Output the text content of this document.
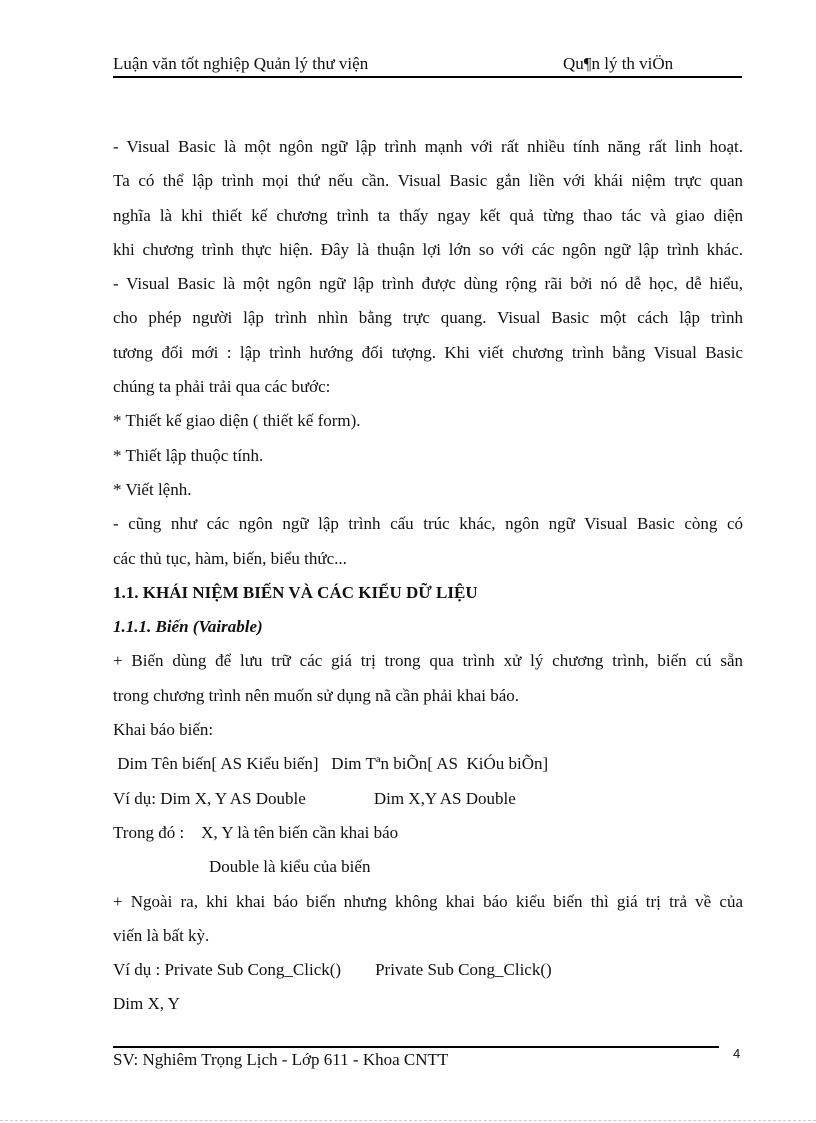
Luận văn tốt nghiệp Quản lý thư viện	Qu¶n lý th viÖn

- Visual Basic là một ngôn ngữ lập trình mạnh với rất nhiều tính năng rất linh hoạt.

Ta có thể lập trình mọi thứ nếu cần. Visual Basic gắn liền với khái niệm trực quan

nghĩa là khi thiết kế chương trình ta thấy ngay kết quả từng thao tác và giao diện

khi chương trình thực hiện. Đây là thuận lợi lớn so với các ngôn ngữ lập trình khác.

- Visual Basic là một ngôn ngữ lập trình được dùng rộng rãi bởi nó dễ học, dễ hiểu,

cho phép người lập trình nhìn bằng trực quang. Visual Basic một cách lập trình

tương đối mới : lập trình hướng đối tượng. Khi viết chương trình bằng Visual Basic

chúng ta phải trải qua các bước:

* Thiết kế giao diện ( thiết kế form).

* Thiết lập thuộc tính.

* Viết lệnh.

- cũng như các ngôn ngữ lập trình cấu trúc khác, ngôn ngữ Visual Basic còng có

các thủ tục, hàm, biến, biểu thức...

1.1. KHÁI NIỆM BIẾN VÀ CÁC KIỂU DỮ LIỆU

1.1.1. Biến (Vairable)

+ Biến dùng để lưu trữ các giá trị trong qua trình xử lý chương trình, biến cú sẵn

trong chương trình nên muốn sử dụng nã cần phải khai báo.

Khai báo biến:

Dim Tên biến[ AS Kiểu biến]   Dim Tªn biÕn[ AS  KiÓu biÕn]

Ví dụ: Dim X, Y AS Double                Dim X,Y AS Double

Trong đó :    X, Y là tên biến cần khai báo

Double là kiểu của biến

+ Ngoài ra, khi khai báo biến nhưng không khai báo kiểu biến thì giá trị trả về của

viến là bất kỳ.

Ví dụ : Private Sub Cong_Click()        Private Sub Cong_Click()

Dim X, Y

SV: Nghiêm Trọng Lịch - Lớp 611 - Khoa CNTT	4
